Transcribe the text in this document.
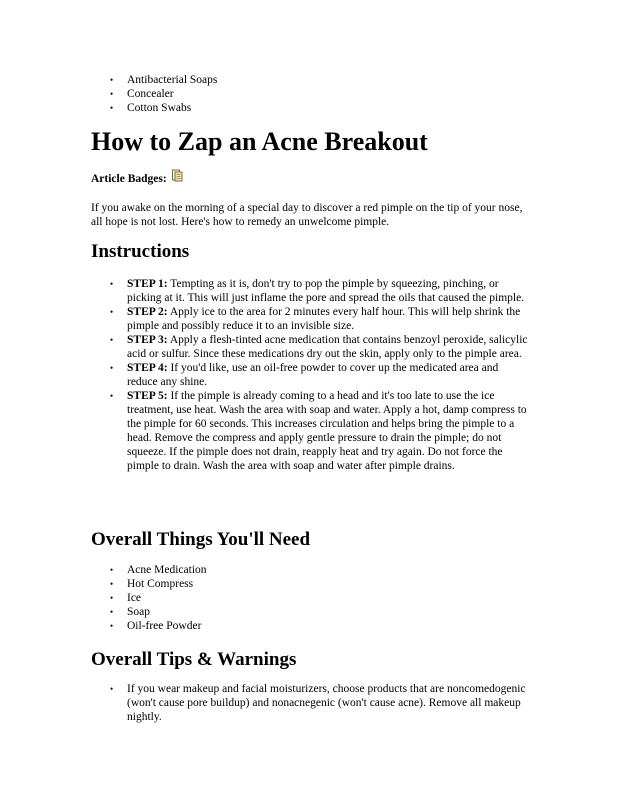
• Antibacterial Soaps
• Concealer
• Cotton Swabs
How to Zap an Acne Breakout
Article Badges:

If you awake on the morning of a special day to discover a red pimple on the tip of your nose, all hope is not lost. Here's how to remedy an unwelcome pimple.

Instructions
• STEP 1: Tempting as it is, don't try to pop the pimple by squeezing, pinching, or picking at it. This will just inflame the pore and spread the oils that caused the pimple.
• STEP 2: Apply ice to the area for 2 minutes every half hour. This will help shrink the pimple and possibly reduce it to an invisible size.
• STEP 3: Apply a flesh-tinted acne medication that contains benzoyl peroxide, salicylic acid or sulfur. Since these medications dry out the skin, apply only to the pimple area.
• STEP 4: If you'd like, use an oil-free powder to cover up the medicated area and reduce any shine.
• STEP 5: If the pimple is already coming to a head and it's too late to use the ice treatment, use heat. Wash the area with soap and water. Apply a hot, damp compress to the pimple for 60 seconds. This increases circulation and helps bring the pimple to a head. Remove the compress and apply gentle pressure to drain the pimple; do not squeeze. If the pimple does not drain, reapply heat and try again. Do not force the pimple to drain. Wash the area with soap and water after pimple drains.
Overall Things You'll Need
• Acne Medication
• Hot Compress
• Ice
• Soap
• Oil-free Powder
Overall Tips & Warnings
• If you wear makeup and facial moisturizers, choose products that are noncomedogenic (won't cause pore buildup) and nonacnegenic (won't cause acne). Remove all makeup nightly.
